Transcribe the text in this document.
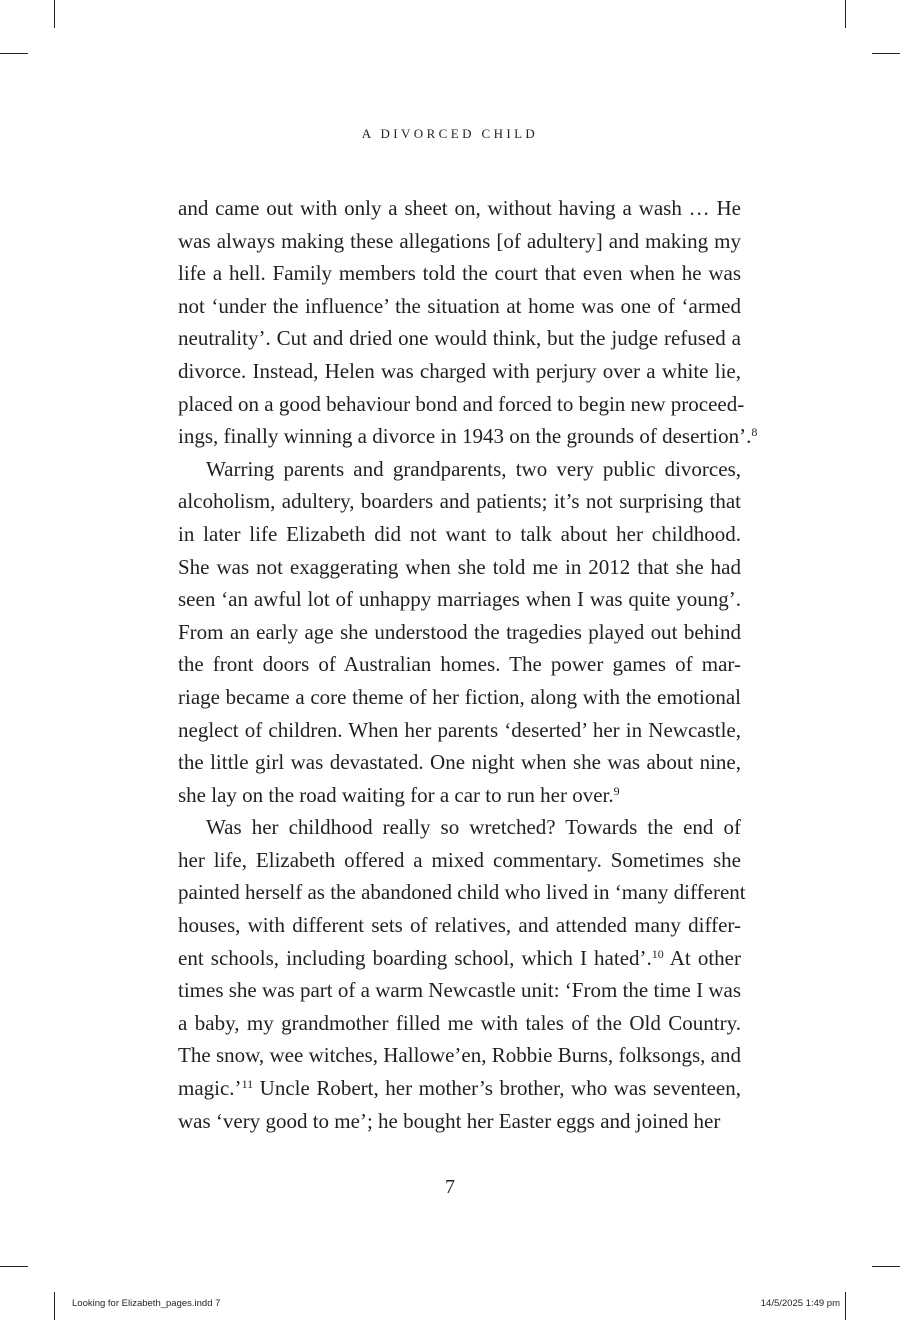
A DIVORCED CHILD
and came out with only a sheet on, without having a wash … He
was always making these allegations [of adultery] and making my
life a hell. Family members told the court that even when he was
not ‘under the influence’ the situation at home was one of ‘armed
neutrality’. Cut and dried one would think, but the judge refused a
divorce. Instead, Helen was charged with perjury over a white lie,
placed on a good behaviour bond and forced to begin new proceed-
ings, finally winning a divorce in 1943 on the grounds of desertion’.$^8$
Warring parents and grandparents, two very public divorces,
alcoholism, adultery, boarders and patients; it’s not surprising that
in later life Elizabeth did not want to talk about her childhood.
She was not exaggerating when she told me in 2012 that she had
seen ‘an awful lot of unhappy marriages when I was quite young’.
From an early age she understood the tragedies played out behind
the front doors of Australian homes. The power games of mar-
riage became a core theme of her fiction, along with the emotional
neglect of children. When her parents ‘deserted’ her in Newcastle,
the little girl was devastated. One night when she was about nine,
she lay on the road waiting for a car to run her over.$^9$
Was her childhood really so wretched? Towards the end of
her life, Elizabeth offered a mixed commentary. Sometimes she
painted herself as the abandoned child who lived in ‘many different
houses, with different sets of relatives, and attended many differ-
ent schools, including boarding school, which I hated’.$^{10}$ At other
times she was part of a warm Newcastle unit: ‘From the time I was
a baby, my grandmother filled me with tales of the Old Country.
The snow, wee witches, Hallowe’en, Robbie Burns, folksongs, and
magic.’$^{11}$ Uncle Robert, her mother’s brother, who was seventeen,
was ‘very good to me’; he bought her Easter eggs and joined her
7
Looking for Elizabeth_pages.indd 7	14/5/2025 1:49 pm
